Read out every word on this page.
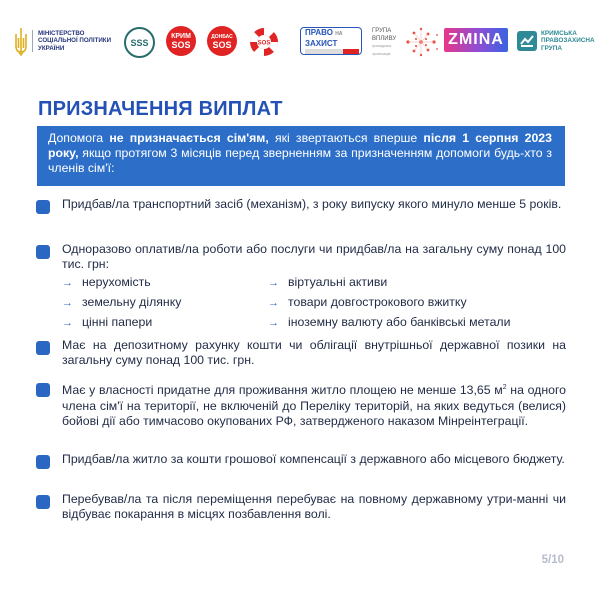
МІНІСТЕРСТВО СОЦІАЛЬНОЇ ПОЛІТИКИ УКРАЇНИ
SSS
КРИМ
SOS
ДОНБАС
SOS	SOS
ПРАВО НА
ЗАХИСТ
ГРУПА
ВПЛИВУ
громадська організація
ZMINA	КРИМСЬКА ПРАВОЗАХИСНА ГРУПА
ПРИЗНАЧЕННЯ ВИПЛАТ
Допомога не призначається сім'ям, які звертаються вперше після 1 серпня 2023 року, якщо протягом 3 місяців перед зверненням за призначенням допомоги будь-хто з членів сім'ї:
Придбав/ла транспортний засіб (механізм), з року випуску якого минуло менше 5 років.
Одноразово оплатив/ла роботи або послуги чи придбав/ла на загальну суму понад 100 тис. грн:
→ нерухомість
→ земельну ділянку
→ цінні папери
→ віртуальні активи
→ товари довгострокового вжитку
→ іноземну валюту або банківські метали
Має на депозитному рахунку кошти чи облігації внутрішньої державної позики на загальну суму понад 100 тис. грн.
Має у власності придатне для проживання житло площею не менше 13,65 $м^2$ на одного члена сім'ї на території, не включеній до Переліку територій, на яких ведуться (велися) бойові дії або тимчасово окупованих РФ, затвердженого наказом Мінреінтеграції.
Придбав/ла житло за кошти грошової компенсації з державного або місцевого бюджету.
Перебував/ла та після переміщення перебуває на повному державному утри-манні чи відбуває покарання в місцях позбавлення волі.
5/10
